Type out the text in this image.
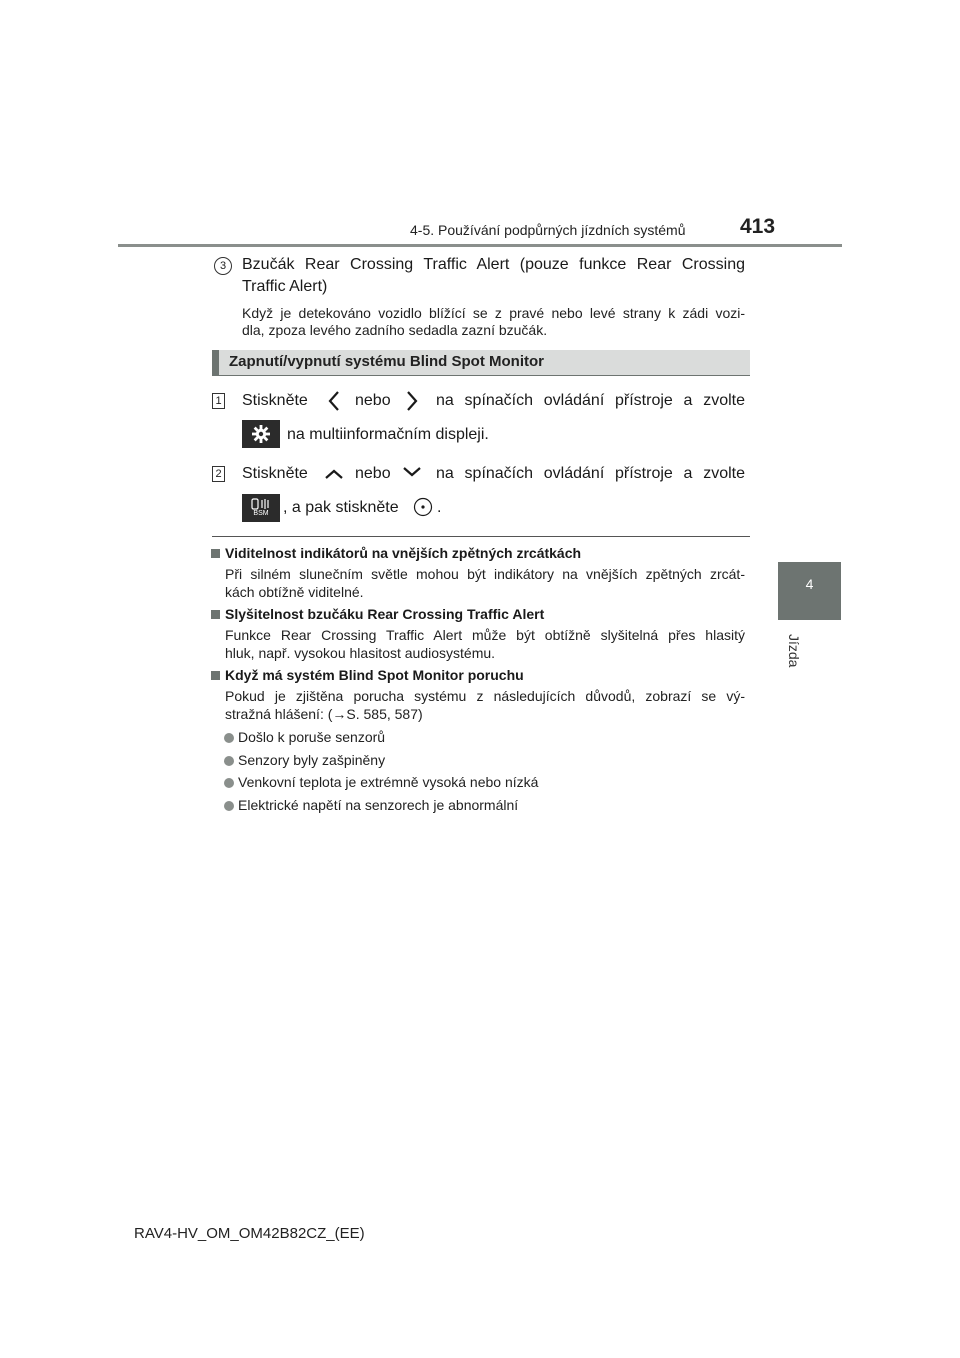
4-5. Používání podpůrných jízdních systémů	413
4
Jízda
3 Bzučák Rear Crossing Traffic Alert (pouze funkce Rear Crossing
Traffic Alert)
Když je detekováno vozidlo blížící se z pravé nebo levé strany k zádi vozi-
dla, zpoza levého zadního sedadla zazní bzučák.
Zapnutí/vypnutí systému Blind Spot Monitor
1 Stiskněte	nebo	na spínačích ovládání přístroje a zvolte
na multiinformačním displeji.
2 Stiskněte	nebo	na spínačích ovládání přístroje a zvolte
BSM , a pak stiskněte .
Viditelnost indikátorů na vnějších zpětných zrcátkách
Při silném slunečním světle mohou být indikátory na vnějších zpětných zrcát-
kách obtížně viditelné.
Slyšitelnost bzučáku Rear Crossing Traffic Alert
Funkce Rear Crossing Traffic Alert může být obtížně slyšitelná přes hlasitý
hluk, např. vysokou hlasitost audiosystému.
Když má systém Blind Spot Monitor poruchu
Pokud je zjištěna porucha systému z následujících důvodů, zobrazí se vý-
stražná hlášení: (→S. 585, 587)
Došlo k poruše senzorů
Senzory byly zašpiněny
Venkovní teplota je extrémně vysoká nebo nízká
Elektrické napětí na senzorech je abnormální
RAV4-HV_OM_OM42B82CZ_(EE)
